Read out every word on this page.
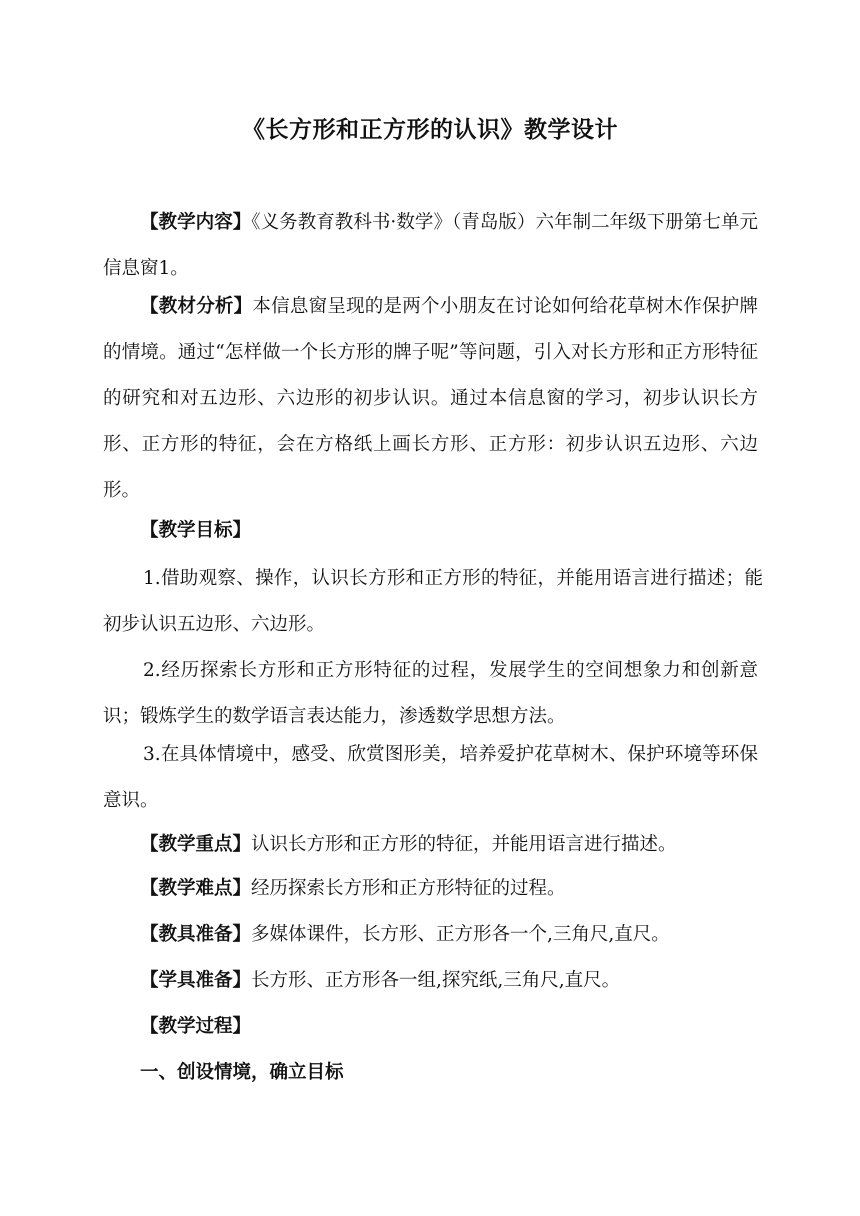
《长方形和正方形的认识》教学设计

【教学内容】《义务教育教科书·数学》（青岛版）六年制二年级下册第七单元信息窗1。

【教材分析】本信息窗呈现的是两个小朋友在讨论如何给花草树木作保护牌的情境。通过“怎样做一个长方形的牌子呢”等问题，引入对长方形和正方形特征的研究和对五边形、六边形的初步认识。通过本信息窗的学习，初步认识长方形、正方形的特征，会在方格纸上画长方形、正方形：初步认识五边形、六边形。

【教学目标】

1.借助观察、操作，认识长方形和正方形的特征，并能用语言进行描述；能初步认识五边形、六边形。

2.经历探索长方形和正方形特征的过程，发展学生的空间想象力和创新意识；锻炼学生的数学语言表达能力，渗透数学思想方法。

3.在具体情境中，感受、欣赏图形美，培养爱护花草树木、保护环境等环保意识。

【教学重点】认识长方形和正方形的特征，并能用语言进行描述。

【教学难点】经历探索长方形和正方形特征的过程。

【教具准备】多媒体课件，长方形、正方形各一个,三角尺,直尺。

【学具准备】长方形、正方形各一组,探究纸,三角尺,直尺。

【教学过程】

一、创设情境，确立目标
